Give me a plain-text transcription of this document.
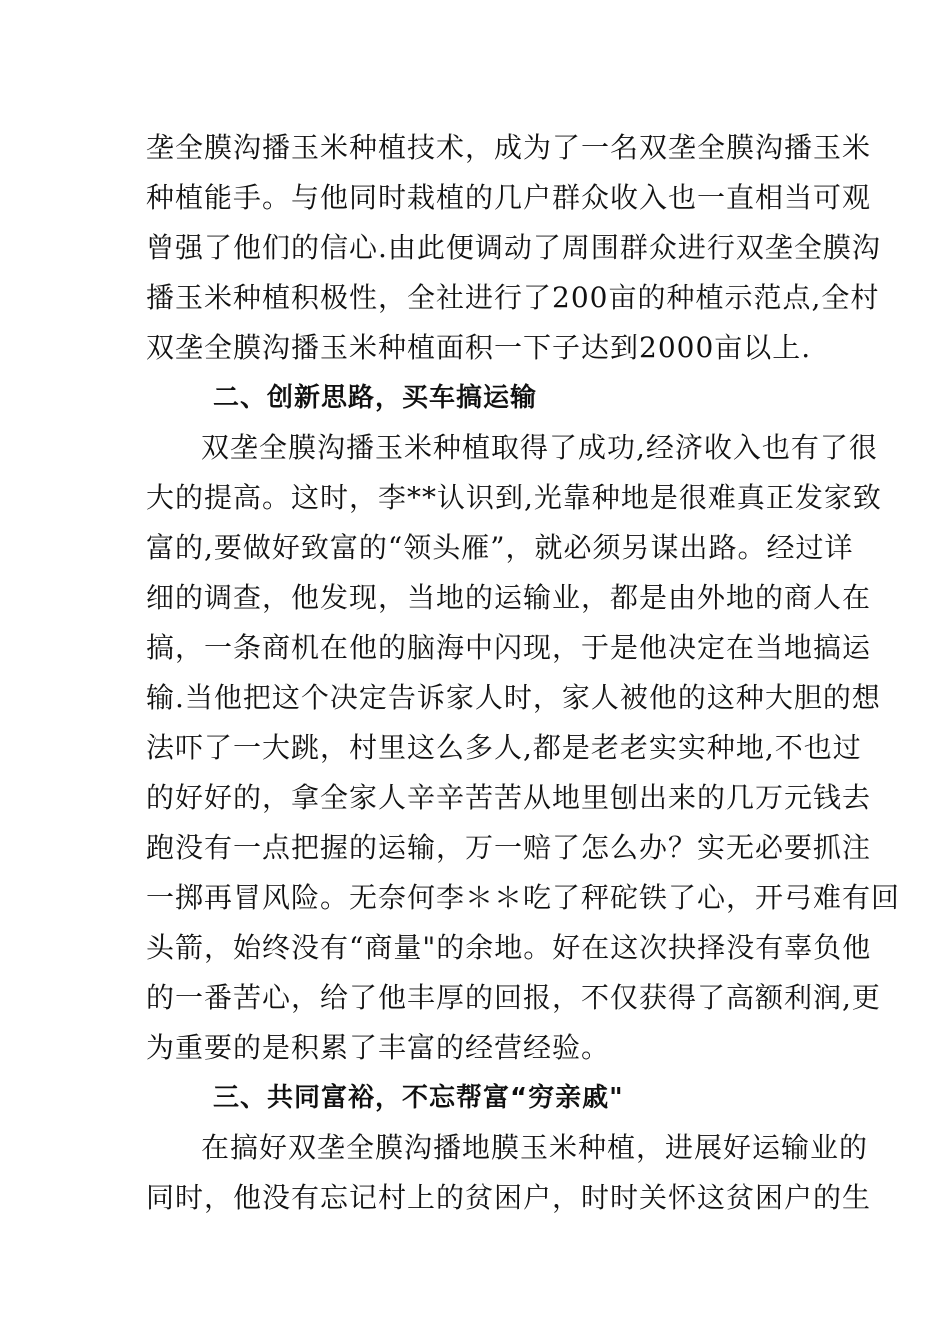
垄全膜沟播玉米种植技术，成为了一名双垄全膜沟播玉米

种植能手。与他同时栽植的几户群众收入也一直相当可观

曾强了他们的信心.由此便调动了周围群众进行双垄全膜沟

播玉米种植积极性，全社进行了200亩的种植示范点,全村

双垄全膜沟播玉米种植面积一下子达到2000亩以上.

二、创新思路，买车搞运输

双垄全膜沟播玉米种植取得了成功,经济收入也有了很

大的提高。这时，李**认识到,光靠种地是很难真正发家致

富的,要做好致富的“领头雁”，就必须另谋出路。经过详

细的调查，他发现，当地的运输业，都是由外地的商人在

搞，一条商机在他的脑海中闪现，于是他决定在当地搞运

输.当他把这个决定告诉家人时，家人被他的这种大胆的想

法吓了一大跳，村里这么多人,都是老老实实种地,不也过

的好好的，拿全家人辛辛苦苦从地里刨出来的几万元钱去

跑没有一点把握的运输，万一赔了怎么办？实无必要抓注

一掷再冒风险。无奈何李＊＊吃了秤砣铁了心，开弓难有回

头箭，始终没有“商量"的余地。好在这次抉择没有辜负他

的一番苦心，给了他丰厚的回报，不仅获得了高额利润,更

为重要的是积累了丰富的经营经验。

三、共同富裕，不忘帮富“穷亲戚"

在搞好双垄全膜沟播地膜玉米种植，进展好运输业的

同时，他没有忘记村上的贫困户，时时关怀这贫困户的生
